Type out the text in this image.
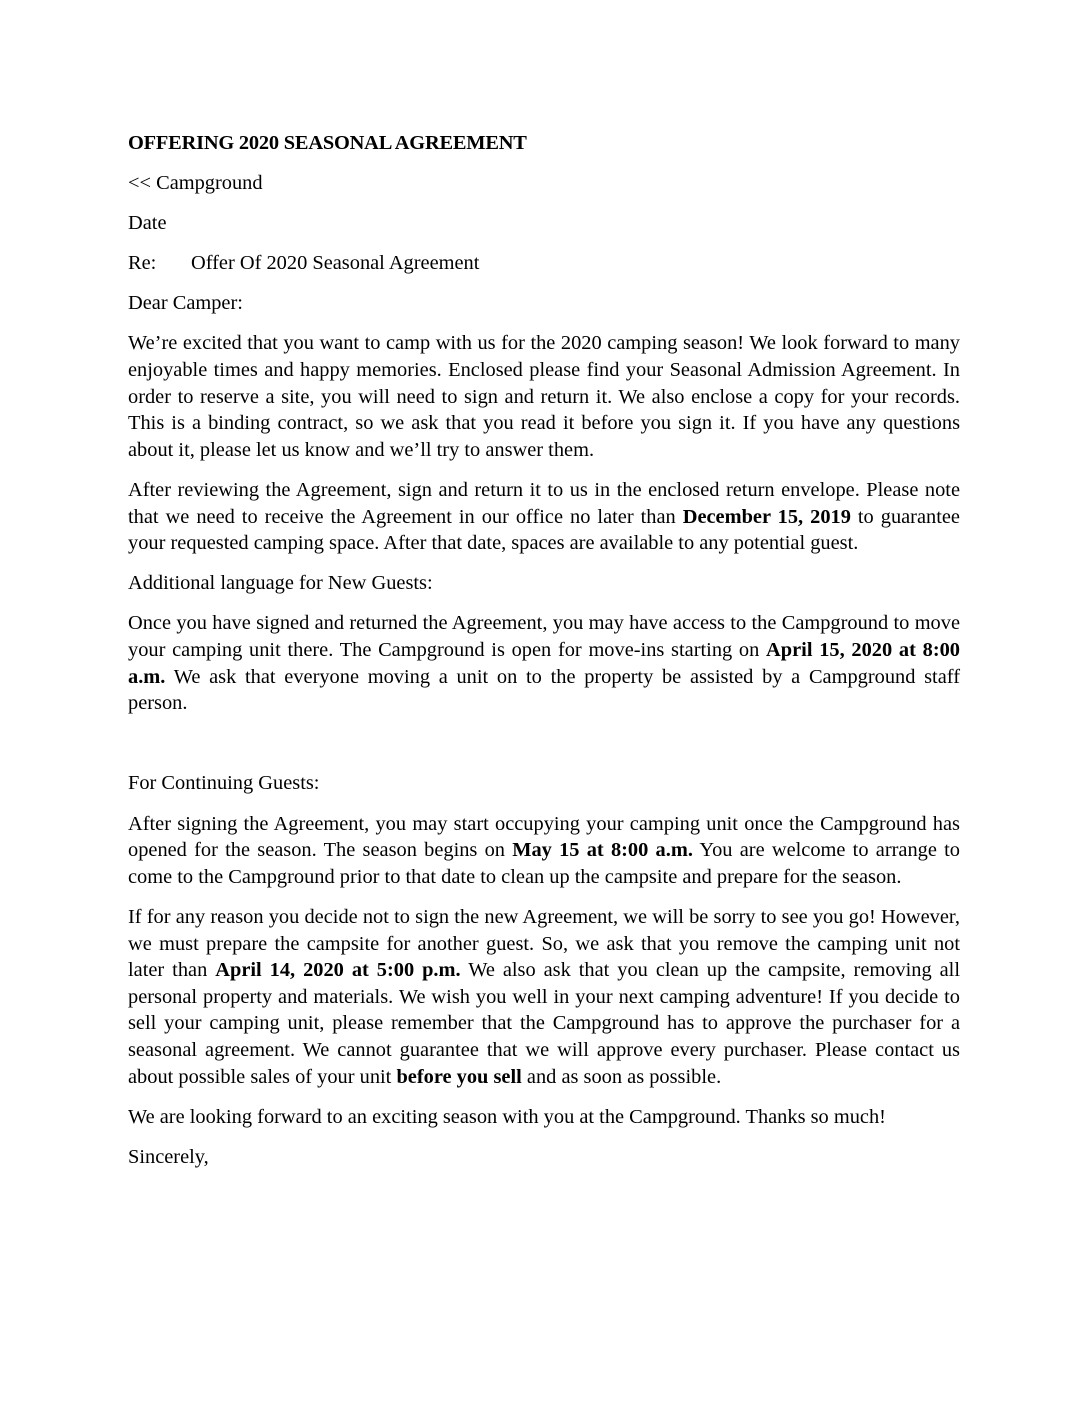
OFFERING 2020 SEASONAL AGREEMENT
<< Campground
Date
Re:	Offer Of 2020 Seasonal Agreement
Dear Camper:

We’re excited that you want to camp with us for the 2020 camping season! We look forward to many enjoyable times and happy memories. Enclosed please find your Seasonal Admission Agreement. In order to reserve a site, you will need to sign and return it. We also enclose a copy for your records. This is a binding contract, so we ask that you read it before you sign it. If you have any questions about it, please let us know and we’ll try to answer them.

After reviewing the Agreement, sign and return it to us in the enclosed return envelope. Please note that we need to receive the Agreement in our office no later than December 15, 2019 to guarantee your requested camping space. After that date, spaces are available to any potential guest.

Additional language for New Guests:

Once you have signed and returned the Agreement, you may have access to the Campground to move your camping unit there. The Campground is open for move-ins starting on April 15, 2020 at 8:00 a.m. We ask that everyone moving a unit on to the property be assisted by a Campground staff person.

For Continuing Guests:

After signing the Agreement, you may start occupying your camping unit once the Campground has opened for the season. The season begins on May 15 at 8:00 a.m. You are welcome to arrange to come to the Campground prior to that date to clean up the campsite and prepare for the season.

If for any reason you decide not to sign the new Agreement, we will be sorry to see you go! However, we must prepare the campsite for another guest. So, we ask that you remove the camping unit not later than April 14, 2020 at 5:00 p.m. We also ask that you clean up the campsite, removing all personal property and materials. We wish you well in your next camping adventure! If you decide to sell your camping unit, please remember that the Campground has to approve the purchaser for a seasonal agreement. We cannot guarantee that we will approve every purchaser. Please contact us about possible sales of your unit before you sell and as soon as possible.

We are looking forward to an exciting season with you at the Campground. Thanks so much!

Sincerely,
